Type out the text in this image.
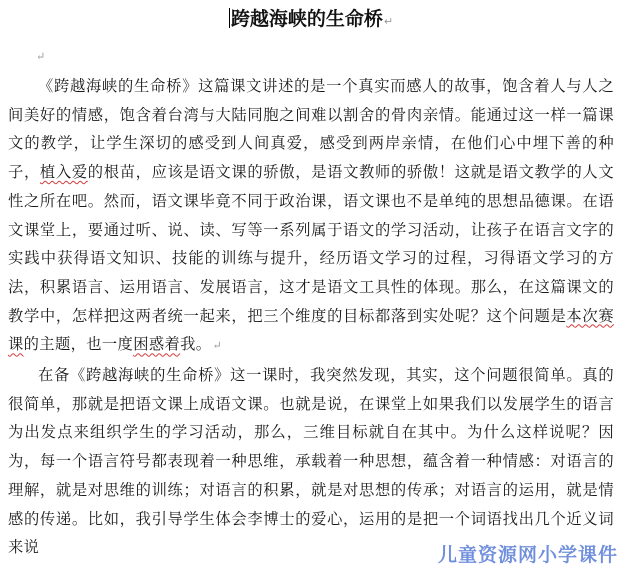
跨越海峡的生命桥↵
↵

《跨越海峡的生命桥》这篇课文讲述的是一个真实而感人的故事，饱含着人与人之间美好的情感，饱含着台湾与大陆同胞之间难以割舍的骨肉亲情。能通过这一样一篇课文的教学，让学生深切的感受到人间真爱，感受到两岸亲情，在他们心中埋下善的种子，植入爱的根苗，应该是语文课的骄傲，是语文教师的骄傲！这就是语文教学的人文性之所在吧。然而，语文课毕竟不同于政治课，语文课也不是单纯的思想品德课。在语文课堂上，要通过听、说、读、写等一系列属于语文的学习活动，让孩子在语言文字的实践中获得语文知识、技能的训练与提升，经历语文学习的过程，习得语文学习的方法，积累语言、运用语言、发展语言，这才是语文工具性的体现。那么，在这篇课文的教学中，怎样把这两者统一起来，把三个维度的目标都落到实处呢？这个问题是本次赛课的主题，也一度困惑着我。↵

在备《跨越海峡的生命桥》这一课时，我突然发现，其实，这个问题很简单。真的很简单，那就是把语文课上成语文课。也就是说，在课堂上如果我们以发展学生的语言为出发点来组织学生的学习活动，那么，三维目标就自在其中。为什么这样说呢？因为，每一个语言符号都表现着一种思维，承载着一种思想，蕴含着一种情感：对语言的理解，就是对思维的训练；对语言的积累，就是对思想的传承；对语言的运用，就是情感的传递。比如，我引导学生体会李博士的爱心，运用的是把一个词语找出几个近义词来说	儿童资源网小学课件
